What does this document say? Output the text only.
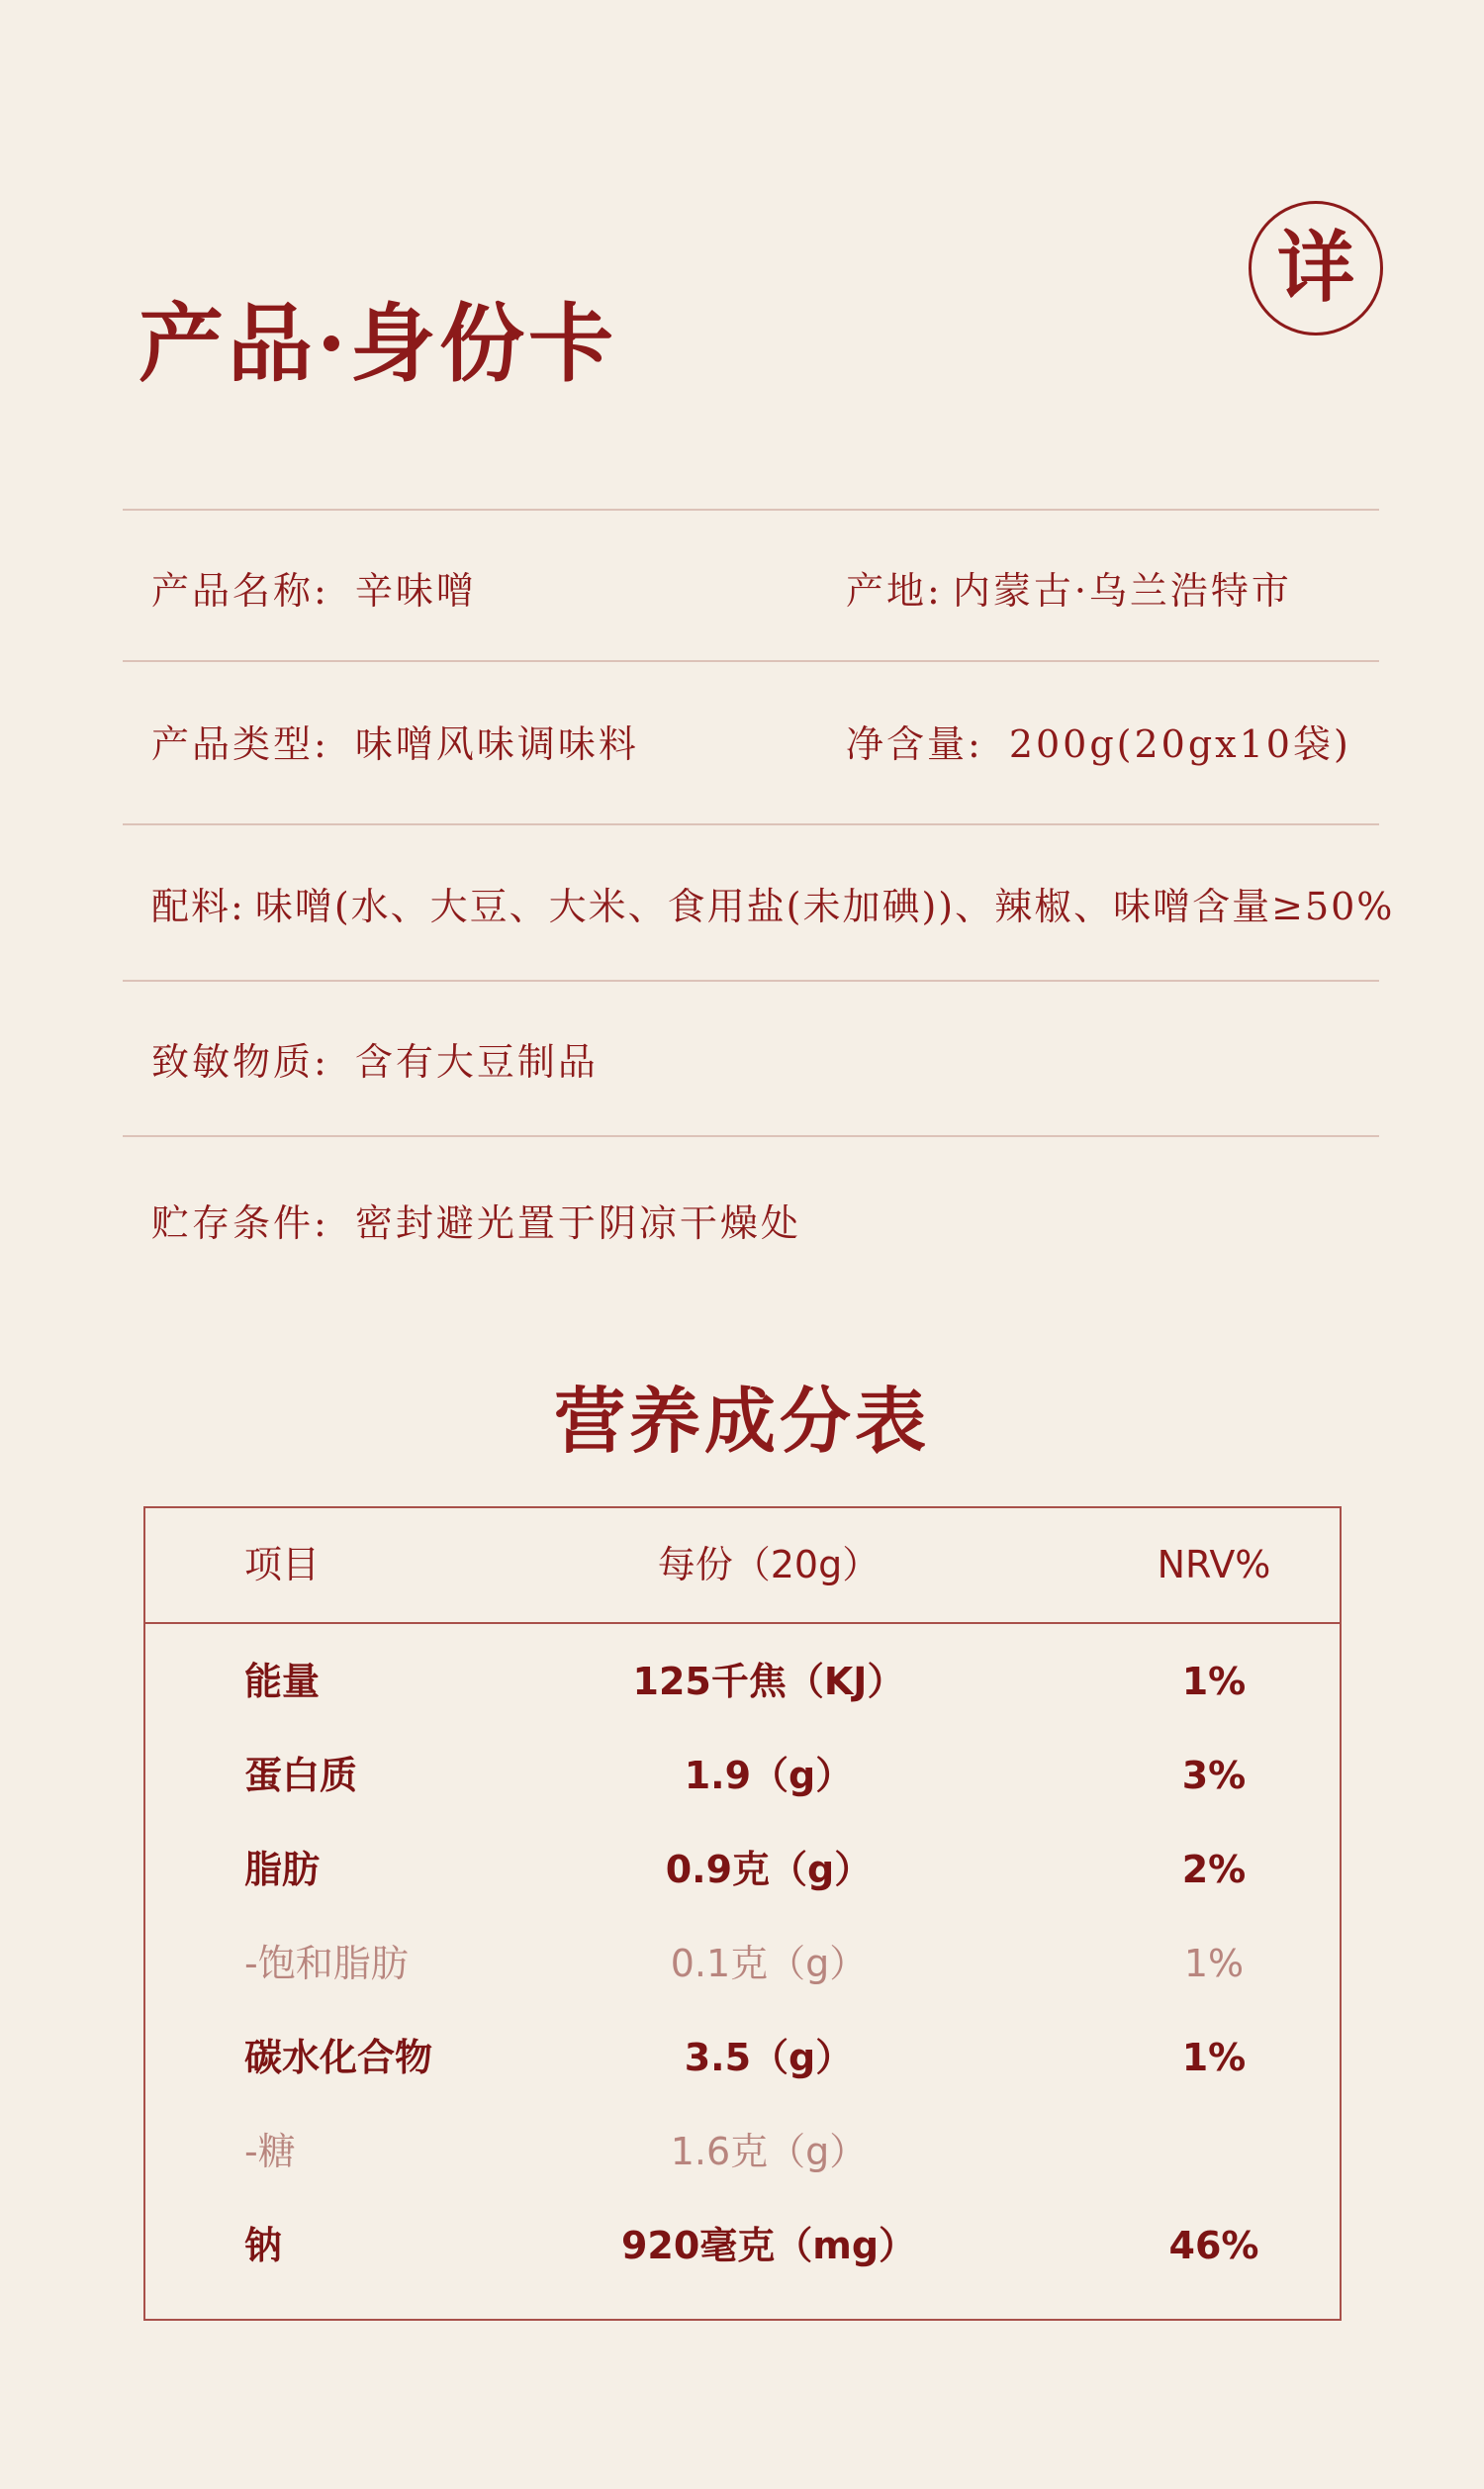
详
产品·身份卡
产品名称: 辛味噌	产地: 内蒙古·乌兰浩特市
产品类型: 味噌风味调味料	净含量: 200g(20gx10袋)
配料: 味噌(水、大豆、大米、食用盐(未加碘))、辣椒、味噌含量≥50%
致敏物质: 含有大豆制品
贮存条件: 密封避光置于阴凉干燥处
营养成分表
项目	每份（20g）	NRV%
能量	125千焦（KJ）	1%
蛋白质	1.9（g）	3%
脂肪	0.9克（g）	2%
-饱和脂肪	0.1克（g）	1%
碳水化合物	3.5（g）	1%
-糖	1.6克（g）
钠	920毫克（mg）	46%
